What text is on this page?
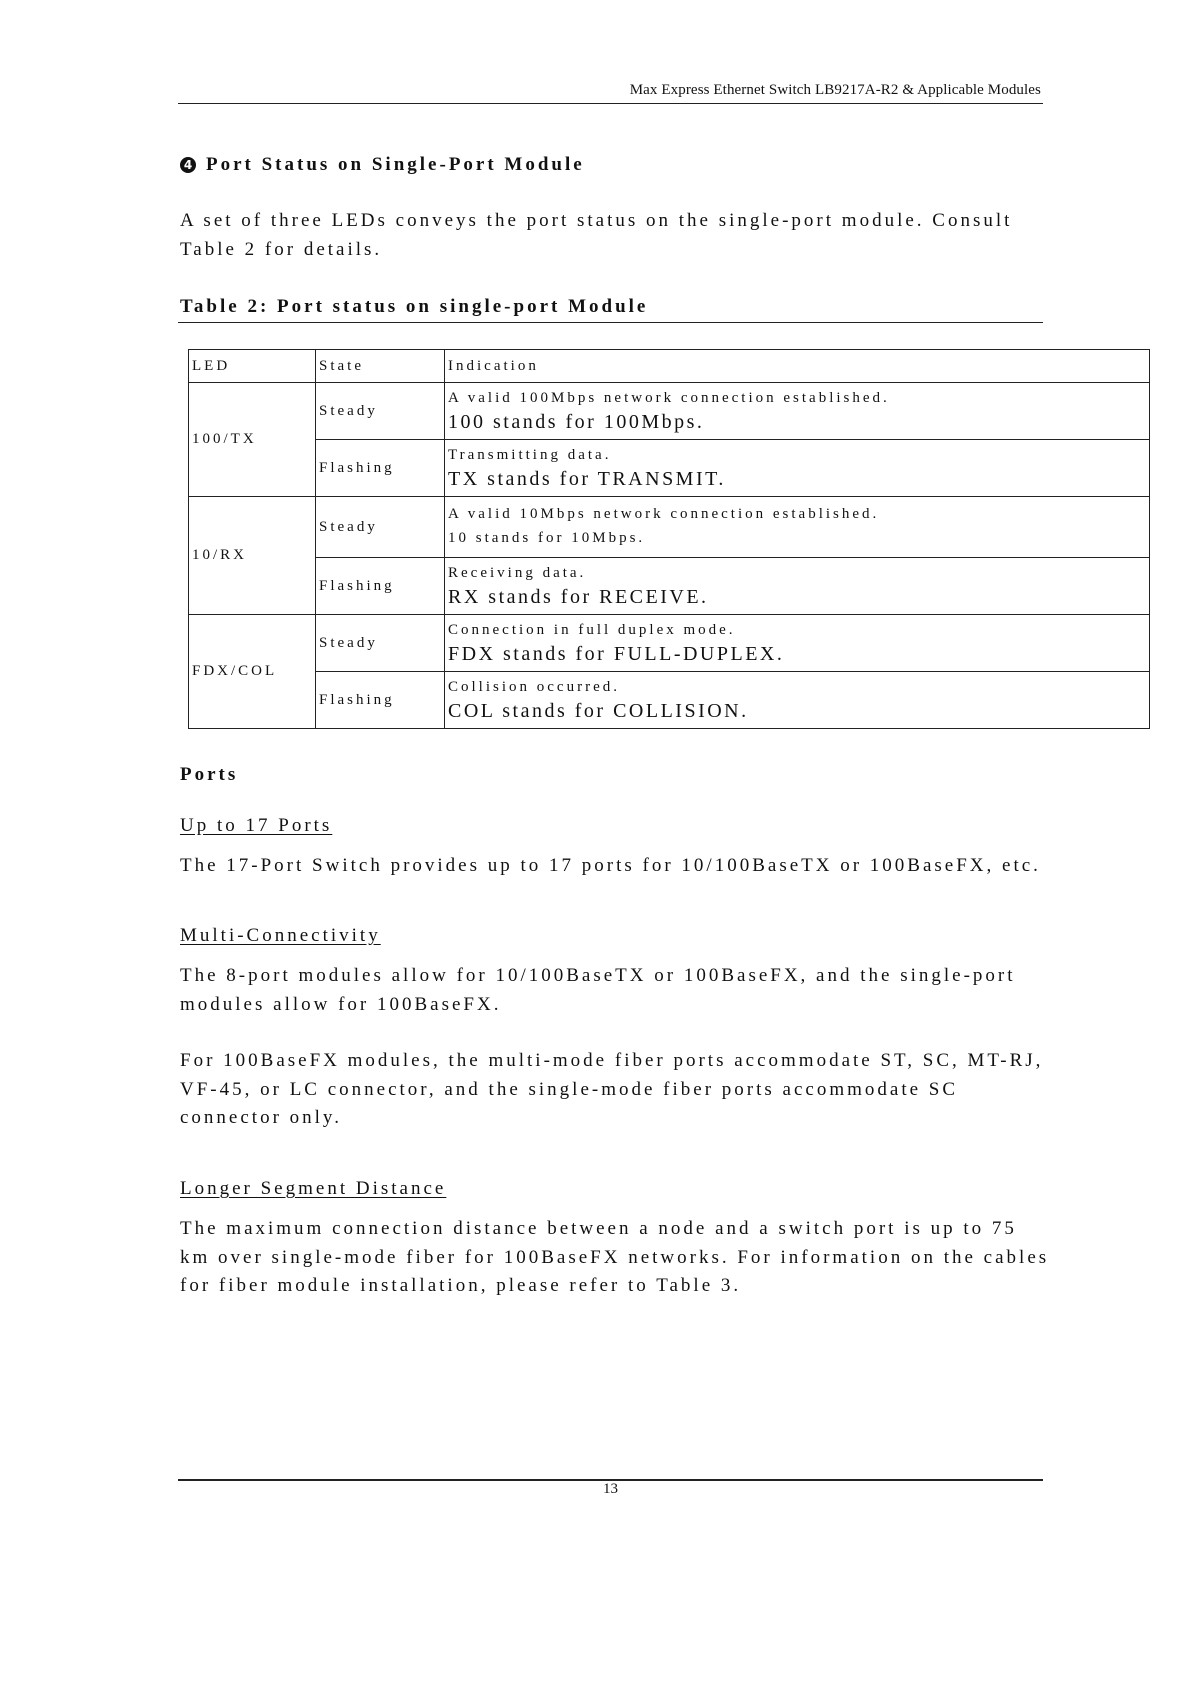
Max Express Ethernet Switch LB9217A-R2 & Applicable Modules
4 Port Status on Single-Port Module

A set of three LEDs conveys the port status on the single-port module. Consult Table 2 for details.

Table 2: Port status on single-port Module
LED	State	Indication
100/TX	Steady	A valid 100Mbps network connection established.
100 stands for 100Mbps.

	Flashing	Transmitting data.
TX stands for TRANSMIT.

10/RX	Steady	A valid 10Mbps network connection established.
10 stands for 10Mbps.

	Flashing	Receiving data.
RX stands for RECEIVE.

FDX/COL	Steady	Connection in full duplex mode.
FDX stands for FULL-DUPLEX.

	Flashing	Collision occurred.
COL stands for COLLISION.
Ports
Up to 17 Ports

The 17-Port Switch provides up to 17 ports for 10/100BaseTX or 100BaseFX, etc.

Multi-Connectivity

The 8-port modules allow for 10/100BaseTX or 100BaseFX, and the single-port modules allow for 100BaseFX.

For 100BaseFX modules, the multi-mode fiber ports accommodate ST, SC, MT-RJ, VF-45, or LC connector, and the single-mode fiber ports accommodate SC connector only.

Longer Segment Distance

The maximum connection distance between a node and a switch port is up to 75 km over single-mode fiber for 100BaseFX networks. For information on the cables for fiber module installation, please refer to Table 3.

13
